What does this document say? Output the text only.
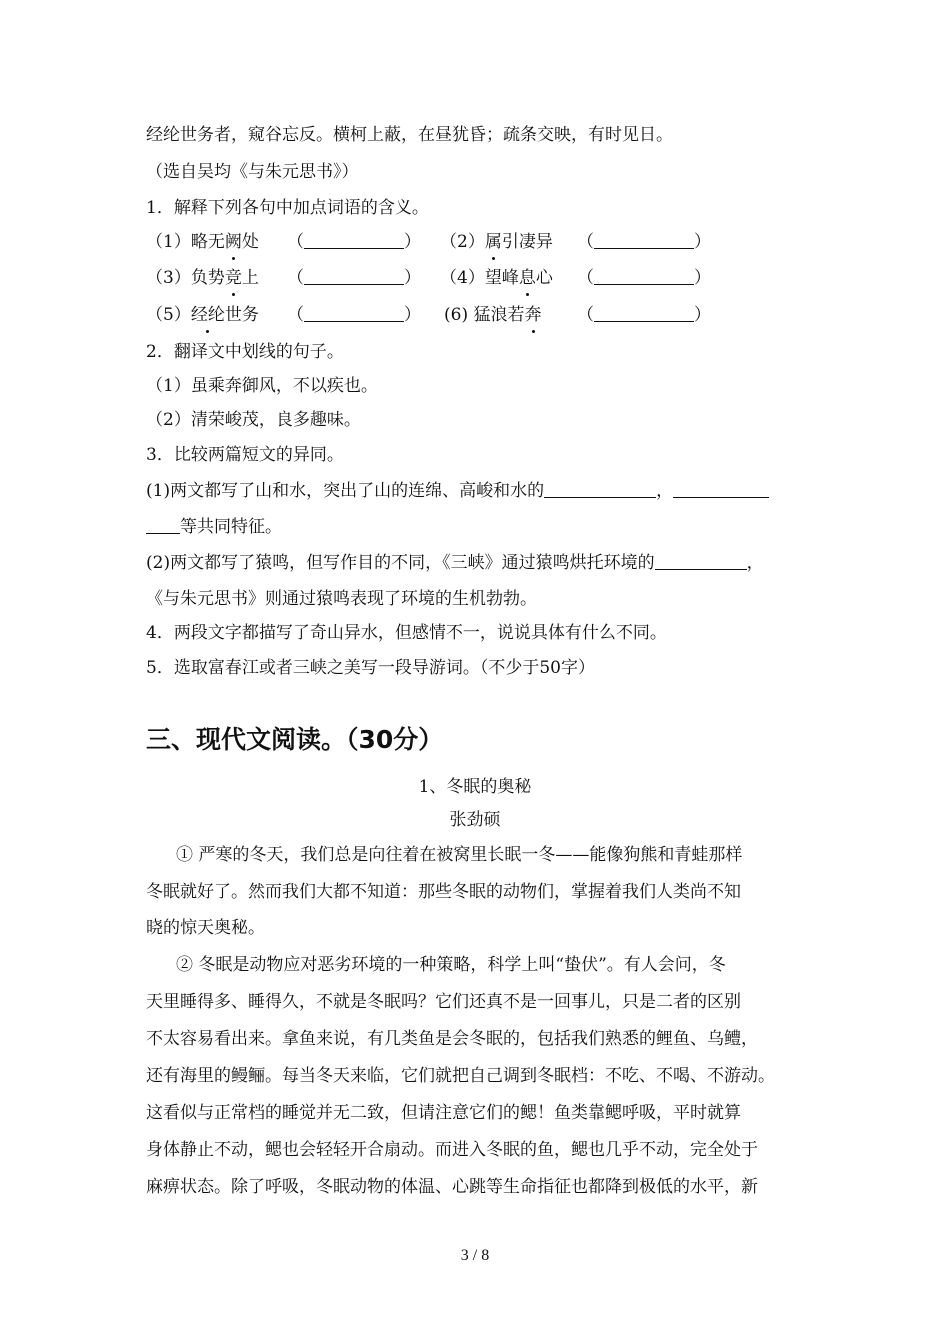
经纶世务者，窥谷忘反。横柯上蔽，在昼犹昏；疏条交映，有时见日。
（选自吴均《与朱元思书》）
1．解释下列各句中加点词语的含义。
（1）略无阙处 （	） （2）属引凄异 （	）
（3）负势竞上 （	） （4）望峰息心 （	）
（5）经纶世务 （	） (6) 猛浪若奔 （	）
2．翻译文中划线的句子。
（1）虽乘奔御风，不以疾也。
（2）清荣峻茂，良多趣味。
3．比较两篇短文的异同。
(1)两文都写了山和水，突出了山的连绵、高峻和水的	，
等共同特征。
(2)两文都写了猿鸣，但写作目的不同，《三峡》通过猿鸣烘托环境的	，
《与朱元思书》则通过猿鸣表现了环境的生机勃勃。
4．两段文字都描写了奇山异水，但感情不一，说说具体有什么不同。
5．选取富春江或者三峡之美写一段导游词。（不少于50字）
三、现代文阅读。（30分）
1、冬眠的奥秘
张劲硕
① 严寒的冬天，我们总是向往着在被窝里长眠一冬——能像狗熊和青蛙那样
冬眠就好了。然而我们大都不知道：那些冬眠的动物们，掌握着我们人类尚不知
晓的惊天奥秘。
② 冬眠是动物应对恶劣环境的一种策略，科学上叫“蛰伏”。有人会问，冬
天里睡得多、睡得久，不就是冬眠吗？它们还真不是一回事儿，只是二者的区别
不太容易看出来。拿鱼来说，有几类鱼是会冬眠的，包括我们熟悉的鲤鱼、乌鳢，
还有海里的鳗鲡。每当冬天来临，它们就把自己调到冬眠档：不吃、不喝、不游动。
这看似与正常档的睡觉并无二致，但请注意它们的鳃！鱼类靠鳃呼吸，平时就算
身体静止不动，鳃也会轻轻开合扇动。而进入冬眠的鱼，鳃也几乎不动，完全处于
麻痹状态。除了呼吸，冬眠动物的体温、心跳等生命指征也都降到极低的水平，新
3 / 8
